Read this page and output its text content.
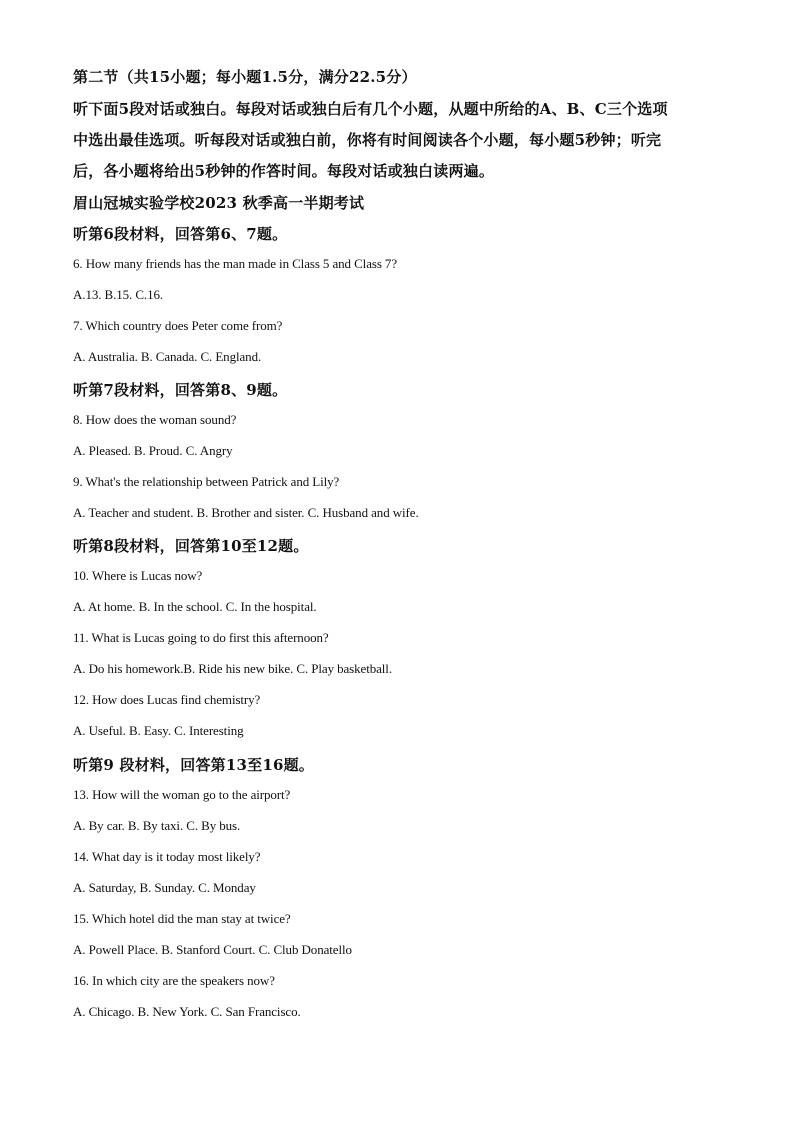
第二节（共15小题；每小题1.5分，满分22.5分）
听下面5段对话或独白。每段对话或独白后有几个小题，从题中所给的A、B、C三个选项
中选出最佳选项。听每段对话或独白前，你将有时间阅读各个小题，每小题5秒钟；听完
后，各小题将给出5秒钟的作答时间。每段对话或独白读两遍。
眉山冠城实验学校2023 秋季高一半期考试
听第6段材料，回答第6、7题。
6. How many friends has the man made in Class 5 and Class 7?
A.13. B.15. C.16.
7. Which country does Peter come from?
A. Australia. B. Canada. C. England.
听第7段材料，回答第8、9题。
8. How does the woman sound?
A. Pleased. B. Proud. C. Angry
9. What's the relationship between Patrick and Lily?
A. Teacher and student. B. Brother and sister. C. Husband and wife.
听第8段材料，回答第10至12题。
10. Where is Lucas now?
A. At home. B. In the school. C. In the hospital.
11. What is Lucas going to do first this afternoon?
A. Do his homework.B. Ride his new bike. C. Play basketball.
12. How does Lucas find chemistry?
A. Useful. B. Easy. C. Interesting
听第9 段材料，回答第13至16题。
13. How will the woman go to the airport?
A. By car. B. By taxi. C. By bus.
14. What day is it today most likely?
A. Saturday, B. Sunday. C. Monday
15. Which hotel did the man stay at twice?
A. Powell Place. B. Stanford Court. C. Club Donatello
16. In which city are the speakers now?
A. Chicago. B. New York. C. San Francisco.
